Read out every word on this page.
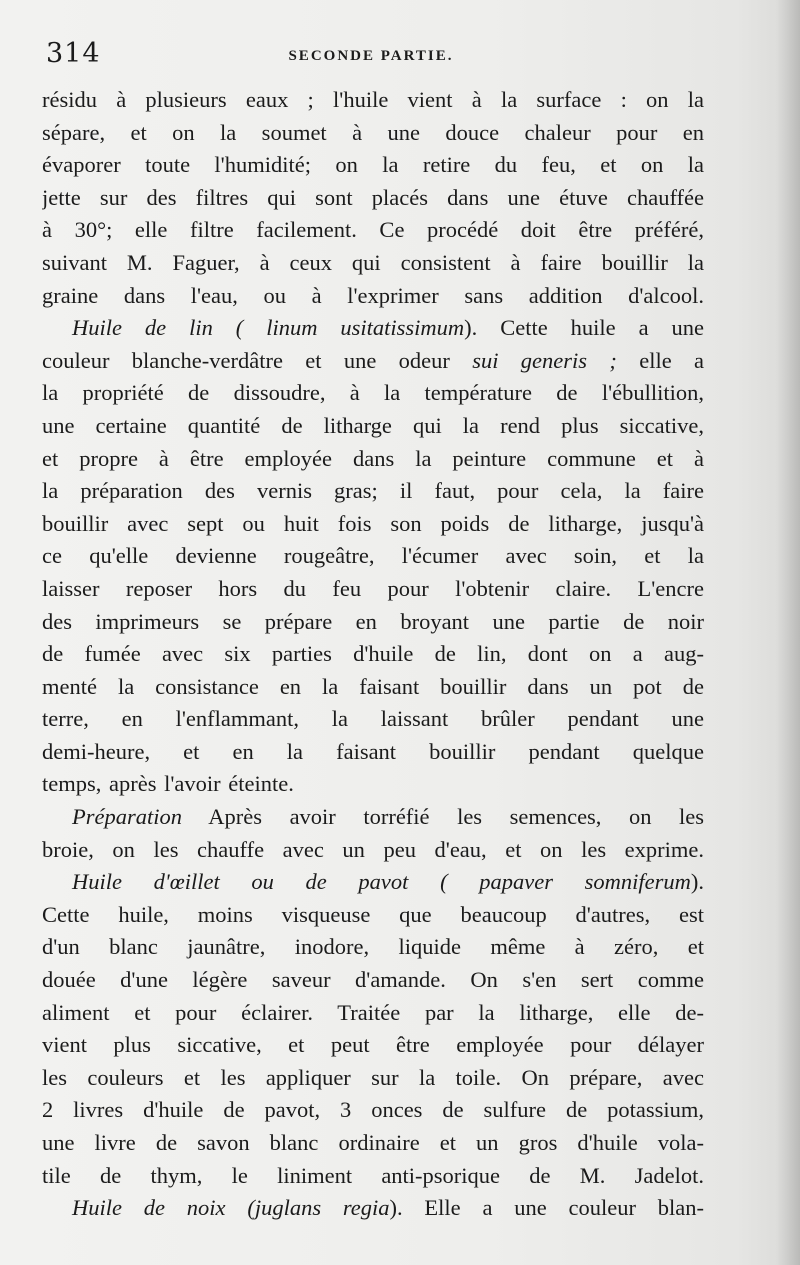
314	SECONDE PARTIE.
résidu à plusieurs eaux ; l'huile vient à la surface : on la
sépare, et on la soumet à une douce chaleur pour en
évaporer toute l'humidité; on la retire du feu, et on la
jette sur des filtres qui sont placés dans une étuve chauffée
à 30°; elle filtre facilement. Ce procédé doit être préféré,
suivant M. Faguer, à ceux qui consistent à faire bouillir la
graine dans l'eau, ou à l'exprimer sans addition d'alcool.
Huile de lin ( linum usitatissimum). Cette huile a une
couleur blanche-verdâtre et une odeur sui generis ; elle a
la propriété de dissoudre, à la température de l'ébullition,
une certaine quantité de litharge qui la rend plus siccative,
et propre à être employée dans la peinture commune et à
la préparation des vernis gras; il faut, pour cela, la faire
bouillir avec sept ou huit fois son poids de litharge, jusqu'à
ce qu'elle devienne rougeâtre, l'écumer avec soin, et la
laisser reposer hors du feu pour l'obtenir claire. L'encre
des imprimeurs se prépare en broyant une partie de noir
de fumée avec six parties d'huile de lin, dont on a aug-
menté la consistance en la faisant bouillir dans un pot de
terre, en l'enflammant, la laissant brûler pendant une
demi-heure, et en la faisant bouillir pendant quelque
temps, après l'avoir éteinte.
Préparation Après avoir torréfié les semences, on les
broie, on les chauffe avec un peu d'eau, et on les exprime.
Huile d'œillet ou de pavot ( papaver somniferum).
Cette huile, moins visqueuse que beaucoup d'autres, est
d'un blanc jaunâtre, inodore, liquide même à zéro, et
douée d'une légère saveur d'amande. On s'en sert comme
aliment et pour éclairer. Traitée par la litharge, elle de-
vient plus siccative, et peut être employée pour délayer
les couleurs et les appliquer sur la toile. On prépare, avec
2 livres d'huile de pavot, 3 onces de sulfure de potassium,
une livre de savon blanc ordinaire et un gros d'huile vola-
tile de thym, le liniment anti-psorique de M. Jadelot.
Huile de noix (juglans regia). Elle a une couleur blan-
